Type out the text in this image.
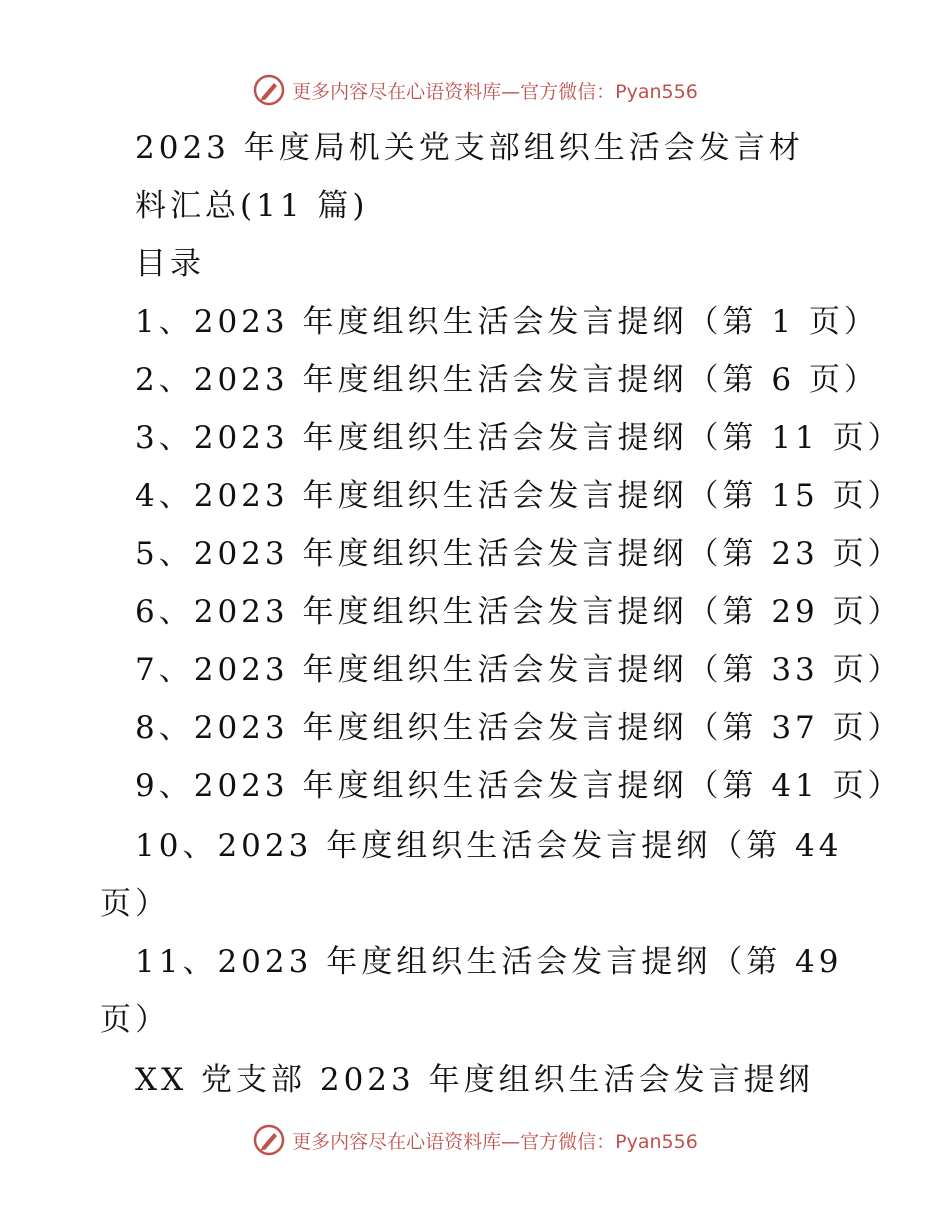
更多内容尽在心语资料库—官方微信：Pyan556
2023 年度局机关党支部组织生活会发言材
料汇总(11 篇)
目录
1、2023 年度组织生活会发言提纲（第 1 页）
2、2023 年度组织生活会发言提纲（第 6 页）
3、2023 年度组织生活会发言提纲（第 11 页）
4、2023 年度组织生活会发言提纲（第 15 页）
5、2023 年度组织生活会发言提纲（第 23 页）
6、2023 年度组织生活会发言提纲（第 29 页）
7、2023 年度组织生活会发言提纲（第 33 页）
8、2023 年度组织生活会发言提纲（第 37 页）
9、2023 年度组织生活会发言提纲（第 41 页）
10、2023 年度组织生活会发言提纲（第 44
页）
11、2023 年度组织生活会发言提纲（第 49
页）
XX 党支部 2023 年度组织生活会发言提纲
更多内容尽在心语资料库—官方微信：Pyan556
